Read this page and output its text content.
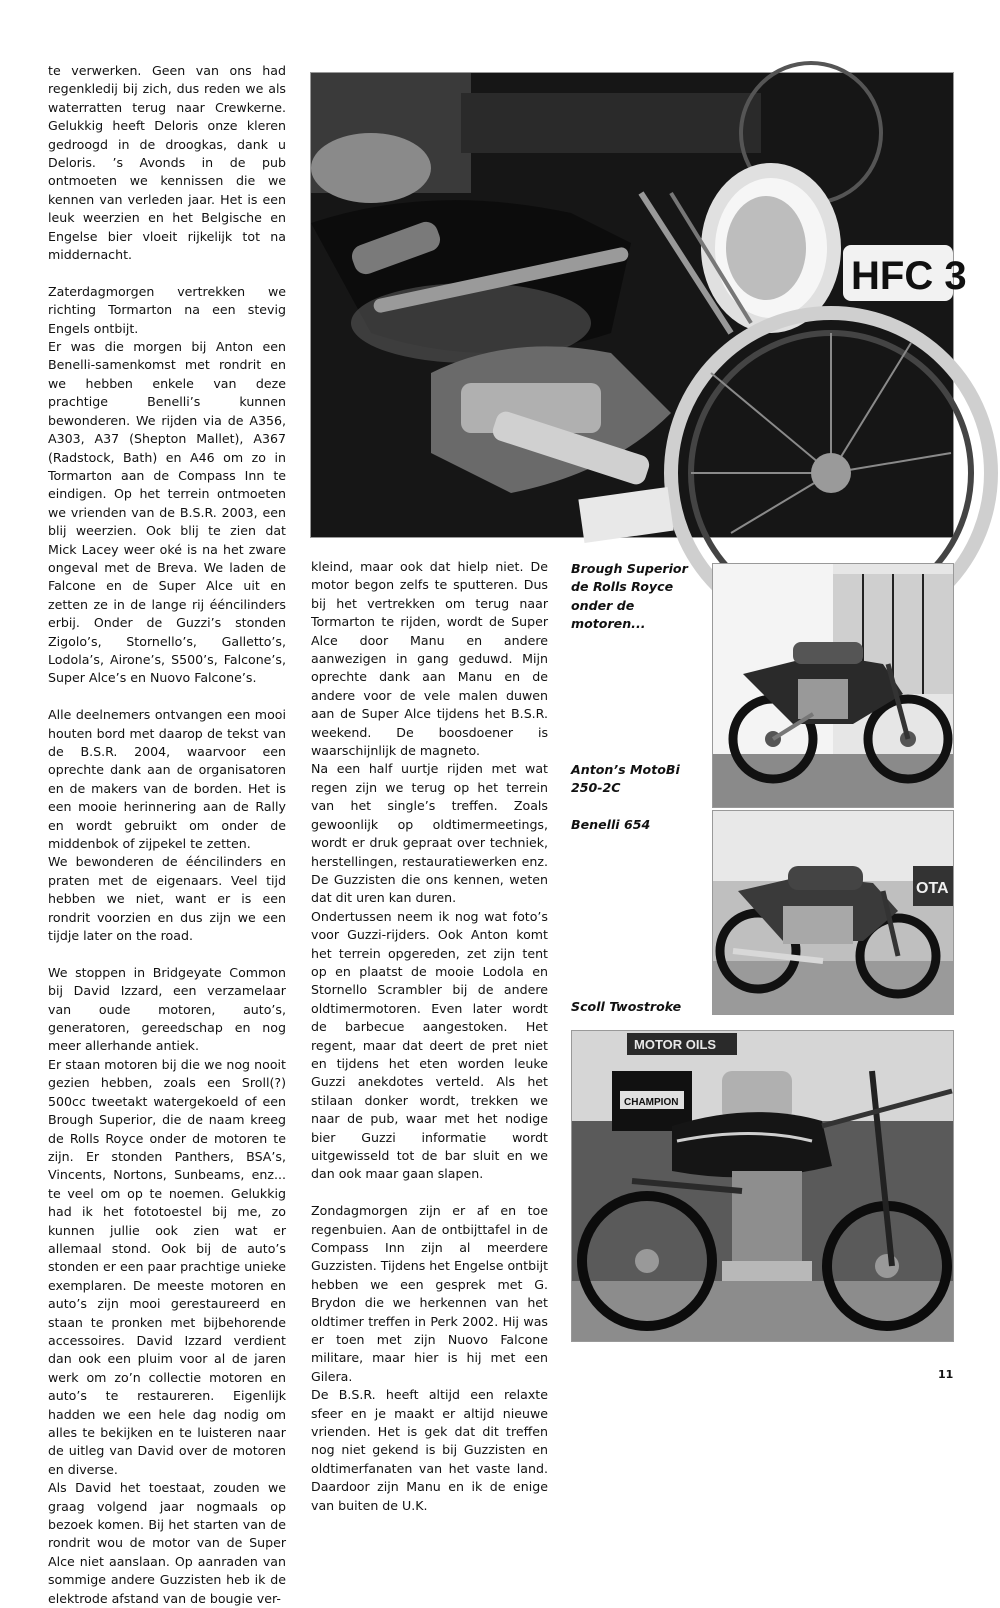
te verwerken. Geen van ons had regenkledij bij zich, dus reden we als waterratten terug naar Crewkerne. Gelukkig heeft Deloris onze kleren gedroogd in de droogkas, dank u Deloris. ’s Avonds in de pub ontmoeten we kennissen die we kennen van verleden jaar. Het is een leuk weerzien en het Belgische en Engelse bier vloeit rijkelijk tot na middernacht.

Zaterdagmorgen vertrekken we richting Tormarton na een stevig Engels ontbijt.

Er was die morgen bij Anton een Benelli-samenkomst met rondrit en we hebben enkele van deze prachtige Benelli’s kunnen bewonderen. We rijden via de A356, A303, A37 (Shepton Mallet), A367 (Radstock, Bath) en A46 om zo in Tormarton aan de Compass Inn te eindigen. Op het terrein ontmoeten we vrienden van de B.S.R. 2003, een blij weerzien. Ook blij te zien dat Mick Lacey weer oké is na het zware ongeval met de Breva. We laden de Falcone en de Super Alce uit en zetten ze in de lange rij ééncilinders erbij. Onder de Guzzi’s stonden Zigolo’s, Stornello’s, Galletto’s, Lodola’s, Airone’s, S500’s, Falcone’s, Super Alce’s en Nuovo Falcone’s.

Alle deelnemers ontvangen een mooi houten bord met daarop de tekst van de B.S.R. 2004, waarvoor een oprechte dank aan de organisatoren en de makers van de borden. Het is een mooie herinnering aan de Rally en wordt gebruikt om onder de middenbok of zijpekel te zetten.

We bewonderen de ééncilinders en praten met de eigenaars. Veel tijd hebben we niet, want er is een rondrit voorzien en dus zijn we een tijdje later on the road.

We stoppen in Bridgeyate Common bij David Izzard, een verzamelaar van oude motoren, auto’s, generatoren, gereedschap en nog meer allerhande antiek.

Er staan motoren bij die we nog nooit gezien hebben, zoals een Sroll(?) 500cc tweetakt watergekoeld of een Brough Superior, die de naam kreeg de Rolls Royce onder de motoren te zijn. Er stonden Panthers, BSA’s, Vincents, Nortons, Sunbeams, enz... te veel om op te noemen. Gelukkig had ik het fototoestel bij me, zo kunnen jullie ook zien wat er allemaal stond. Ook bij de auto’s stonden er een paar prachtige unieke exemplaren. De meeste motoren en auto’s zijn mooi gerestaureerd en staan te pronken met bijbehorende accessoires. David Izzard verdient dan ook een pluim voor al de jaren werk om zo’n collectie motoren en auto’s te restaureren. Eigenlijk hadden we een hele dag nodig om alles te bekijken en te luisteren naar de uitleg van David over de motoren en diverse.

Als David het toestaat, zouden we graag volgend jaar nogmaals op bezoek komen. Bij het starten van de rondrit wou de motor van de Super Alce niet aanslaan. Op aanraden van sommige andere Guzzisten heb ik de elektrode afstand van de bougie ver-

kleind, maar ook dat hielp niet. De motor begon zelfs te sputteren. Dus bij het vertrekken om terug naar Tormarton te rijden, wordt de Super Alce door Manu en andere aanwezigen in gang geduwd. Mijn oprechte dank aan Manu en de andere voor de vele malen duwen aan de Super Alce tijdens het B.S.R. weekend. De boosdoener is waarschijnlijk de magneto.

Na een half uurtje rijden met wat regen zijn we terug op het terrein van het single’s treffen. Zoals gewoonlijk op oldtimermeetings, wordt er druk gepraat over techniek, herstellingen, restauratiewerken enz. De Guzzisten die ons kennen, weten dat dit uren kan duren.

Ondertussen neem ik nog wat foto’s voor Guzzi-rijders. Ook Anton komt het terrein opgereden, zet zijn tent op en plaatst de mooie Lodola en Stornello Scrambler bij de andere oldtimermotoren. Even later wordt de barbecue aangestoken. Het regent, maar dat deert de pret niet en tijdens het eten worden leuke Guzzi anekdotes verteld. Als het stilaan donker wordt, trekken we naar de pub, waar met het nodige bier Guzzi informatie wordt uitgewisseld tot de bar sluit en we dan ook maar gaan slapen.

Zondagmorgen zijn er af en toe regenbuien. Aan de ontbijttafel in de Compass Inn zijn al meerdere Guzzisten. Tijdens het Engelse ontbijt hebben we een gesprek met G. Brydon die we herkennen van het oldtimer treffen in Perk 2002. Hij was er toen met zijn Nuovo Falcone militare, maar hier is hij met een Gilera.

De B.S.R. heeft altijd een relaxte sfeer en je maakt er altijd nieuwe vrienden. Het is gek dat dit treffen nog niet gekend is bij Guzzisten en oldtimerfanaten van het vaste land. Daardoor zijn Manu en ik de enige van buiten de U.K.

HFC 3
OTA
MOTOR OILS
CHAMPION
Brough Superior de Rolls Royce onder de motoren...
Anton’s MotoBi 250-2C
Benelli 654
Scoll Twostroke
11
